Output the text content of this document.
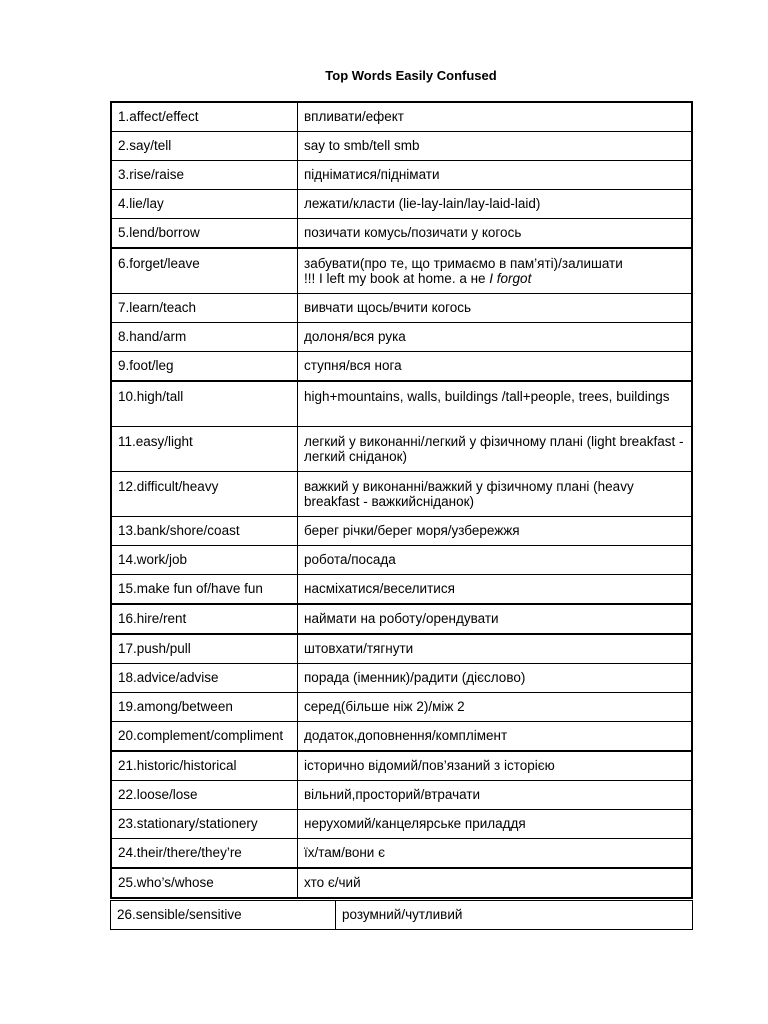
Top Words Easily Confused
1.affect/effect	впливати/ефект
2.say/tell	say to smb/tell smb
3.rise/raise	підніматися/піднімати
4.lie/lay	лежати/класти (lie-lay-lain/lay-laid-laid)
5.lend/borrow	позичати комусь/позичати у когось
6.forget/leave	забувати(про те, що тримаємо в пам’яті)/залишати
!!! I left my book at home. а не I forgot
7.learn/teach	вивчати щось/вчити когось
8.hand/arm	долоня/вся рука
9.foot/leg	ступня/вся нога
10.high/tall	high+mountains, walls, buildings /tall+people, trees, buildings
11.easy/light	легкий у виконанні/легкий у фізичному плані (light breakfast - легкий сніданок)
12.difficult/heavy	важкий у виконанні/важкий у фізичному плані (heavy breakfast - важкийсніданок)
13.bank/shore/coast	берег річки/берег моря/узбережжя
14.work/job	робота/посада
15.make fun of/have fun	насміхатися/веселитися
16.hire/rent	наймати на роботу/орендувати
17.push/pull	штовхати/тягнути
18.advice/advise	порада (іменник)/радити (дієслово)
19.among/between	серед(більше ніж 2)/між 2
20.complement/compliment	додаток,доповнення/комплімент
21.historic/historical	історично відомий/пов’язаний з історією
22.loose/lose	вільний,просторий/втрачати
23.stationary/stationery	нерухомий/канцелярське приладдя
24.their/there/they’re	їх/там/вони є
25.who’s/whose	хто є/чий
26.sensible/sensitive	розумний/чутливий
